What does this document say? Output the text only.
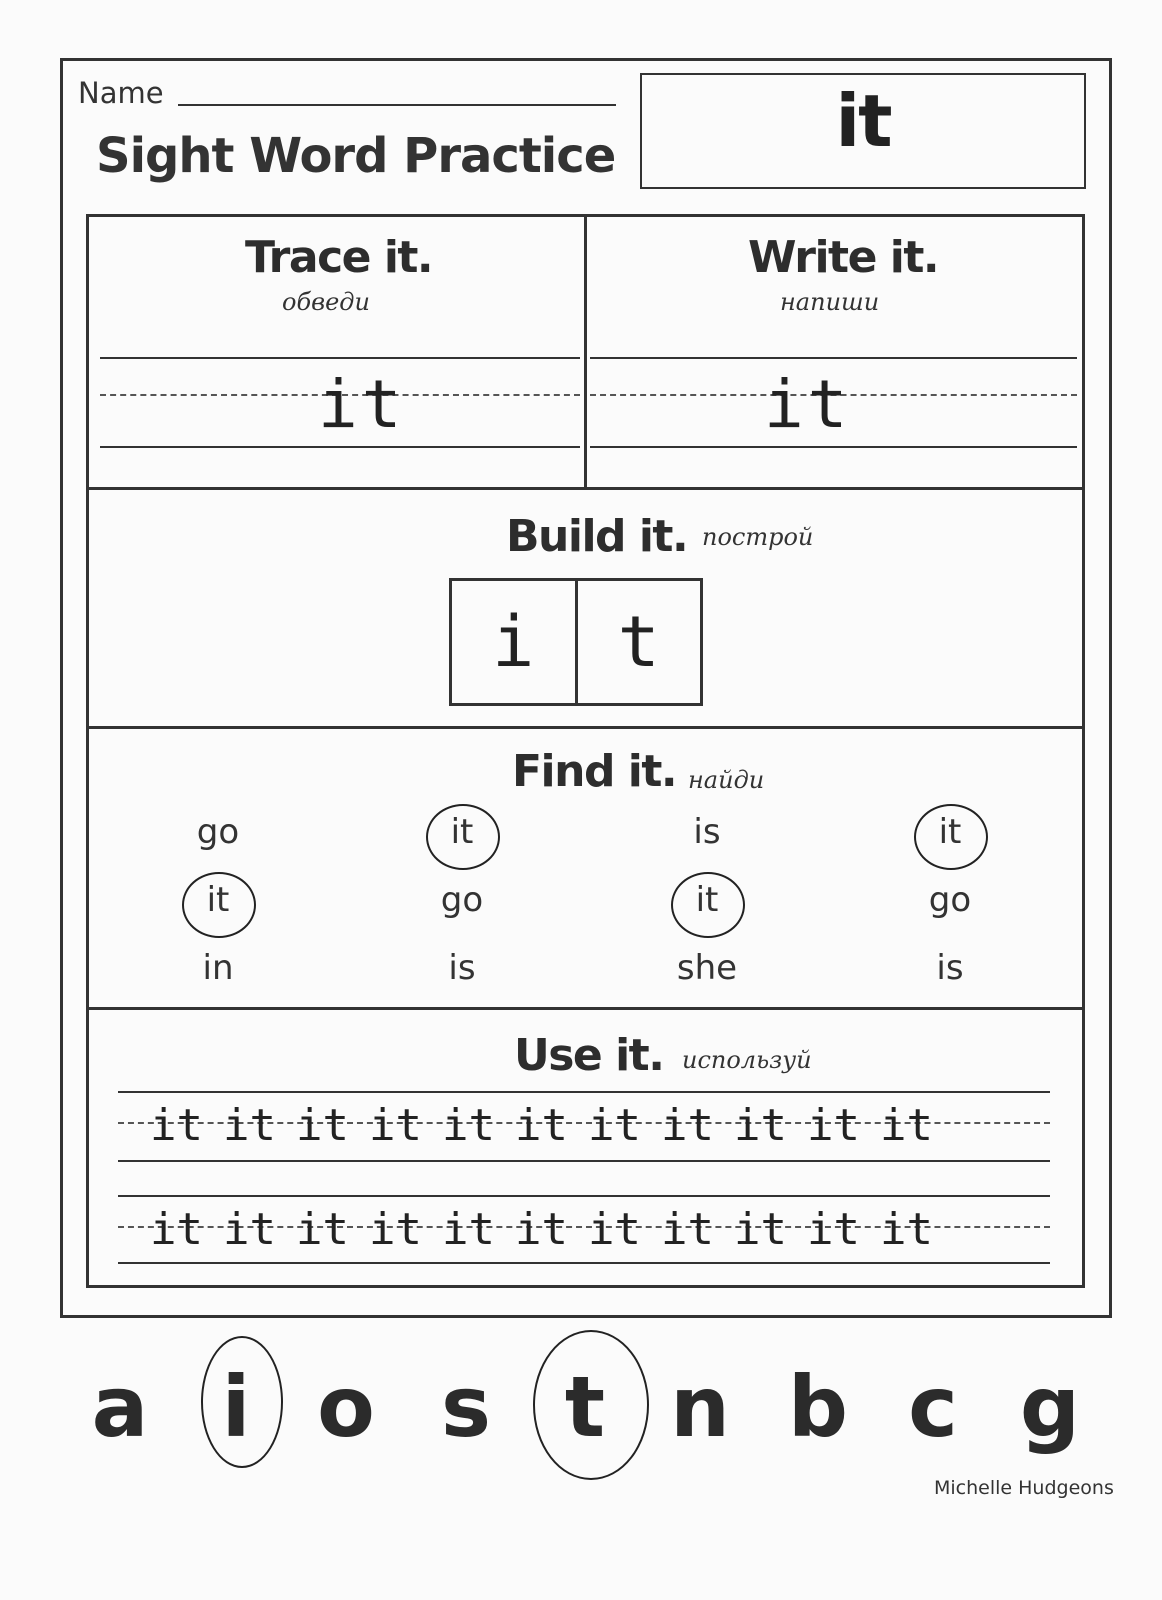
Name
Sight Word Practice	it
Trace it.
обведи
it
Write it.
напиши
it
Build it. построй
i	t
Find it. найди
go	it	is	it
it	go	it	go
in	is	she	is
Use it. используй
it it it it it it it it it it it
it it it it it it it it it it it
a i o s t n b c g
Michelle Hudgeons
